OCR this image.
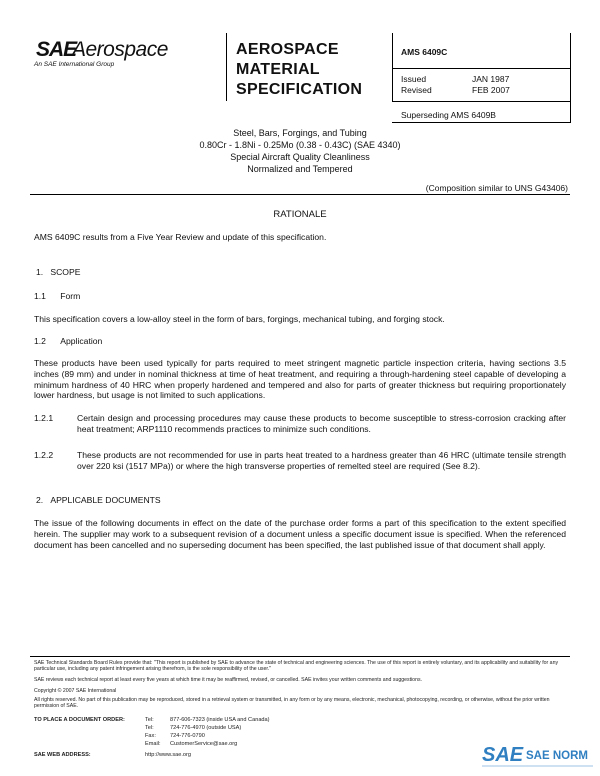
SAE
Aerospace
An SAE International Group
AEROSPACE
MATERIAL
SPECIFICATION
AMS 6409C
Issued	JAN 1987
Revised	FEB 2007
Superseding AMS 6409B
Steel, Bars, Forgings, and Tubing
0.80Cr - 1.8Ni - 0.25Mo (0.38 - 0.43C) (SAE 4340)
Special Aircraft Quality Cleanliness
Normalized and Tempered
(Composition similar to UNS G43406)
RATIONALE
AMS 6409C results from a Five Year Review and update of this specification.
1. SCOPE
1.1 Form
This specification covers a low-alloy steel in the form of bars, forgings, mechanical tubing, and forging stock.
1.2 Application
These products have been used typically for parts required to meet stringent magnetic particle inspection criteria, having sections 3.5 inches (89 mm) and under in nominal thickness at time of heat treatment, and requiring a through-hardening steel capable of developing a minimum hardness of 40 HRC when properly hardened and tempered and also for parts of greater thickness but requiring proportionately lower hardness, but usage is not limited to such applications.
1.2.1	Certain design and processing procedures may cause these products to become susceptible to stress-corrosion cracking after heat treatment; ARP1110 recommends practices to minimize such conditions.
1.2.2	These products are not recommended for use in parts heat treated to a hardness greater than 46 HRC (ultimate tensile strength over 220 ksi (1517 MPa)) or where the high transverse properties of remelted steel are required (See 8.2).
2. APPLICABLE DOCUMENTS
The issue of the following documents in effect on the date of the purchase order forms a part of this specification to the extent specified herein. The supplier may work to a subsequent revision of a document unless a specific document issue is specified. When the referenced document has been cancelled and no superseding document has been specified, the last published issue of that document shall apply.
SAE Technical Standards Board Rules provide that: "This report is published by SAE to advance the state of technical and engineering sciences. The use of this report is entirely voluntary, and its applicability and suitability for any particular use, including any patent infringement arising therefrom, is the sole responsibility of the user."
SAE reviews each technical report at least every five years at which time it may be reaffirmed, revised, or cancelled. SAE invites your written comments and suggestions.
Copyright © 2007 SAE International
All rights reserved. No part of this publication may be reproduced, stored in a retrieval system or transmitted, in any form or by any means, electronic, mechanical, photocopying, recording, or otherwise, without the prior written permission of SAE.
TO PLACE A DOCUMENT ORDER:	Tel:	877-606-7323 (inside USA and Canada)
Tel:	724-776-4970 (outside USA)
Fax:	724-776-0790
Email: CustomerService@sae.org
SAE WEB ADDRESS:	http://www.sae.org	SAE SAE NORM
